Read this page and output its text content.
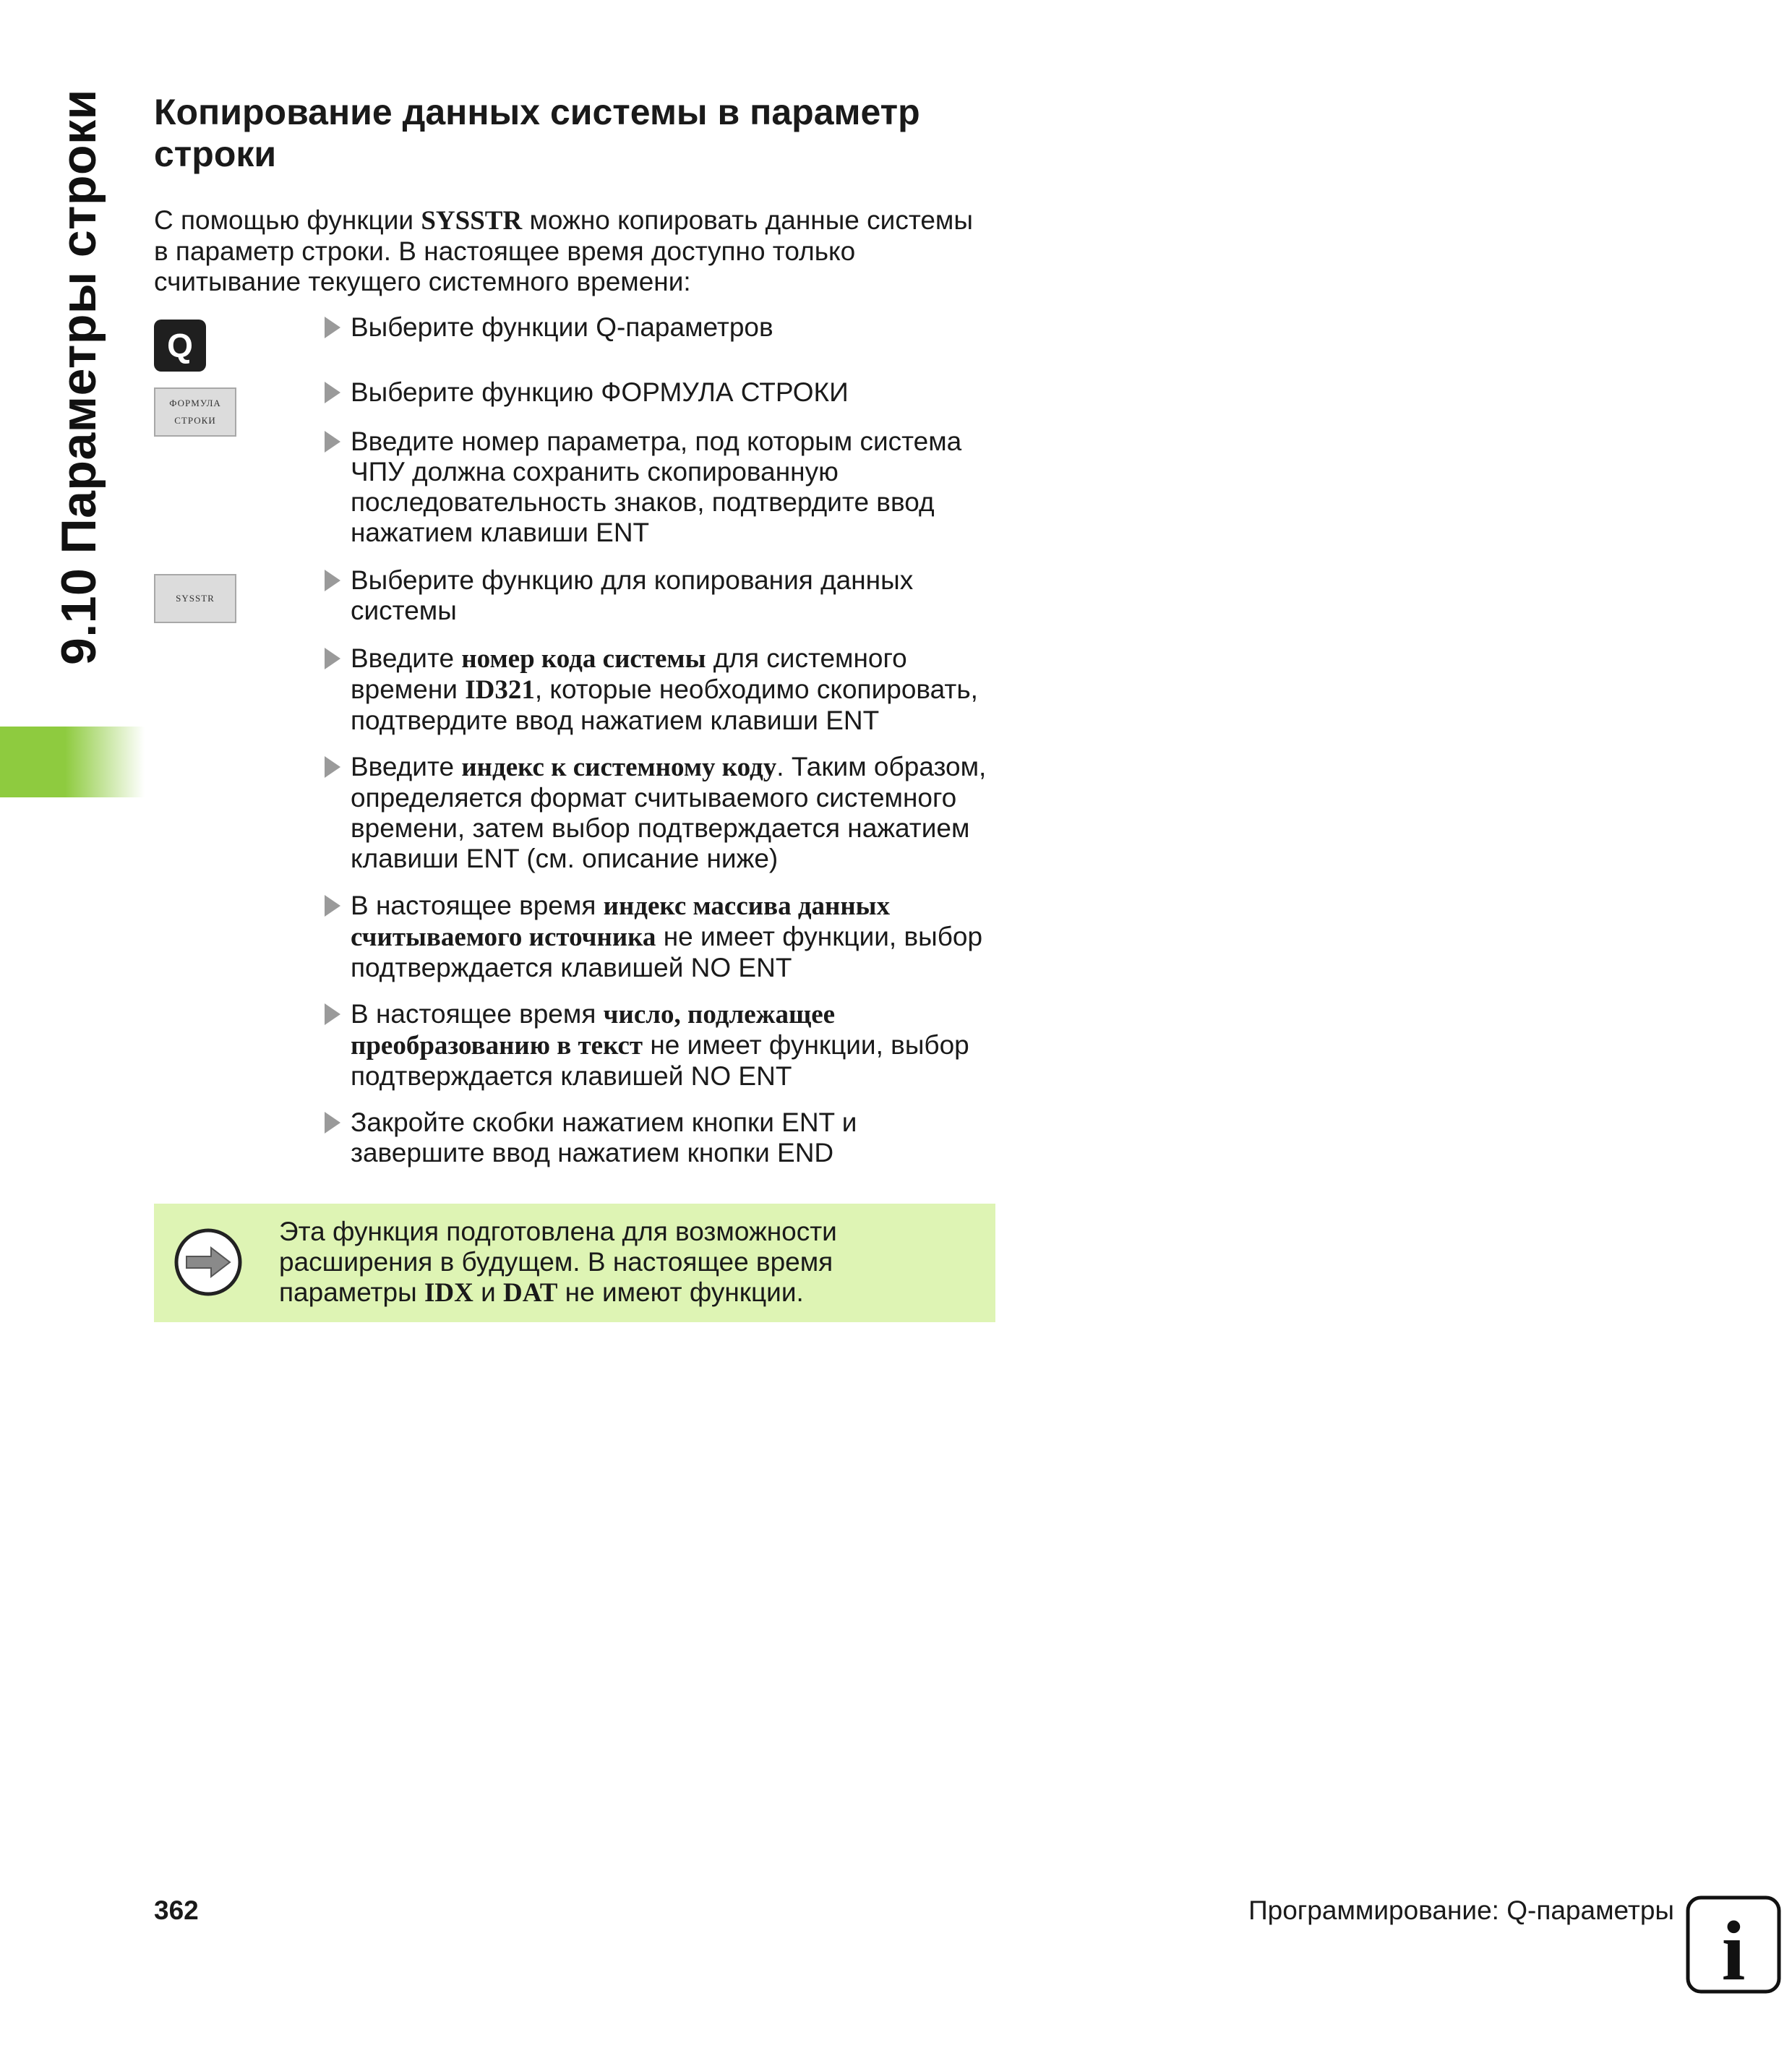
9.10 Параметры строки Копирование данных системы в параметр
строки

С помощью функции SYSSTR можно копировать данные системы
в параметр строки. В настоящее время доступно только
считывание текущего системного времени:

Q
ФОРМУЛА
СТРОКИ
SYSSTR
Выберите функции Q-параметров
Выберите функцию ФОРМУЛА СТРОКИ
Введите номер параметра, под которым система
ЧПУ должна сохранить скопированную
последовательность знаков, подтвердите ввод
нажатием клавиши ENT
Выберите функцию для копирования данных
системы
Введите номер кода системы для системного
времени ID321, которые необходимо скопировать,
подтвердите ввод нажатием клавиши ENT
Введите индекс к системному коду. Таким образом,
определяется формат считываемого системного
времени, затем выбор подтверждается нажатием
клавиши ENT (см. описание ниже)
В настоящее время индекс массива данных
считываемого источника не имеет функции, выбор
подтверждается клавишей NO ENT
В настоящее время число, подлежащее
преобразованию в текст не имеет функции, выбор
подтверждается клавишей NO ENT
Закройте скобки нажатием кнопки ENT и
завершите ввод нажатием кнопки END
Эта функция подготовлена для возможности
расширения в будущем. В настоящее время
параметры IDX и DAT не имеют функции.
362	Программирование: Q-параметры i
